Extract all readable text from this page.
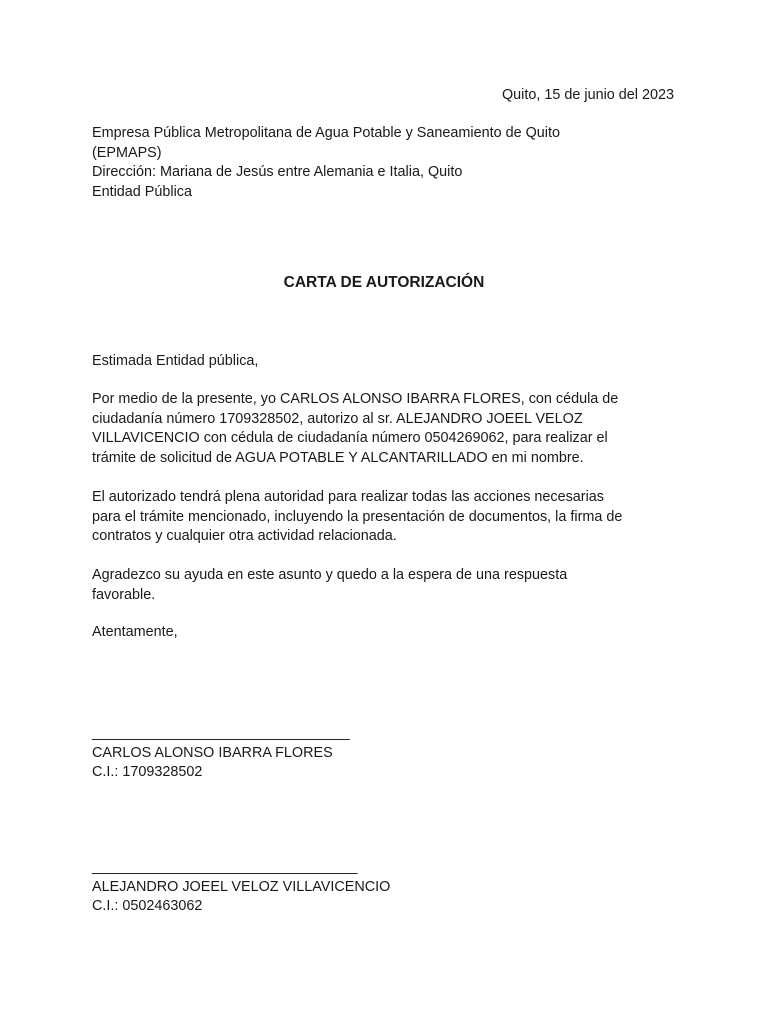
Quito, 15 de junio del 2023
Empresa Pública Metropolitana de Agua Potable y Saneamiento de Quito
(EPMAPS)
Dirección: Mariana de Jesús entre Alemania e Italia, Quito
Entidad Pública
CARTA DE AUTORIZACIÓN
Estimada Entidad pública,
Por medio de la presente, yo CARLOS ALONSO IBARRA FLORES, con cédula de
ciudadanía número 1709328502, autorizo al sr. ALEJANDRO JOEEL VELOZ
VILLAVICENCIO con cédula de ciudadanía número 0504269062, para realizar el
trámite de solicitud de AGUA POTABLE Y ALCANTARILLADO en mi nombre.
El autorizado tendrá plena autoridad para realizar todas las acciones necesarias
para el trámite mencionado, incluyendo la presentación de documentos, la firma de
contratos y cualquier otra actividad relacionada.
Agradezco su ayuda en este asunto y quedo a la espera de una respuesta
favorable.
Atentamente,
_________________________________
CARLOS ALONSO IBARRA FLORES
C.I.: 1709328502
__________________________________
ALEJANDRO JOEEL VELOZ VILLAVICENCIO
C.I.: 0502463062
